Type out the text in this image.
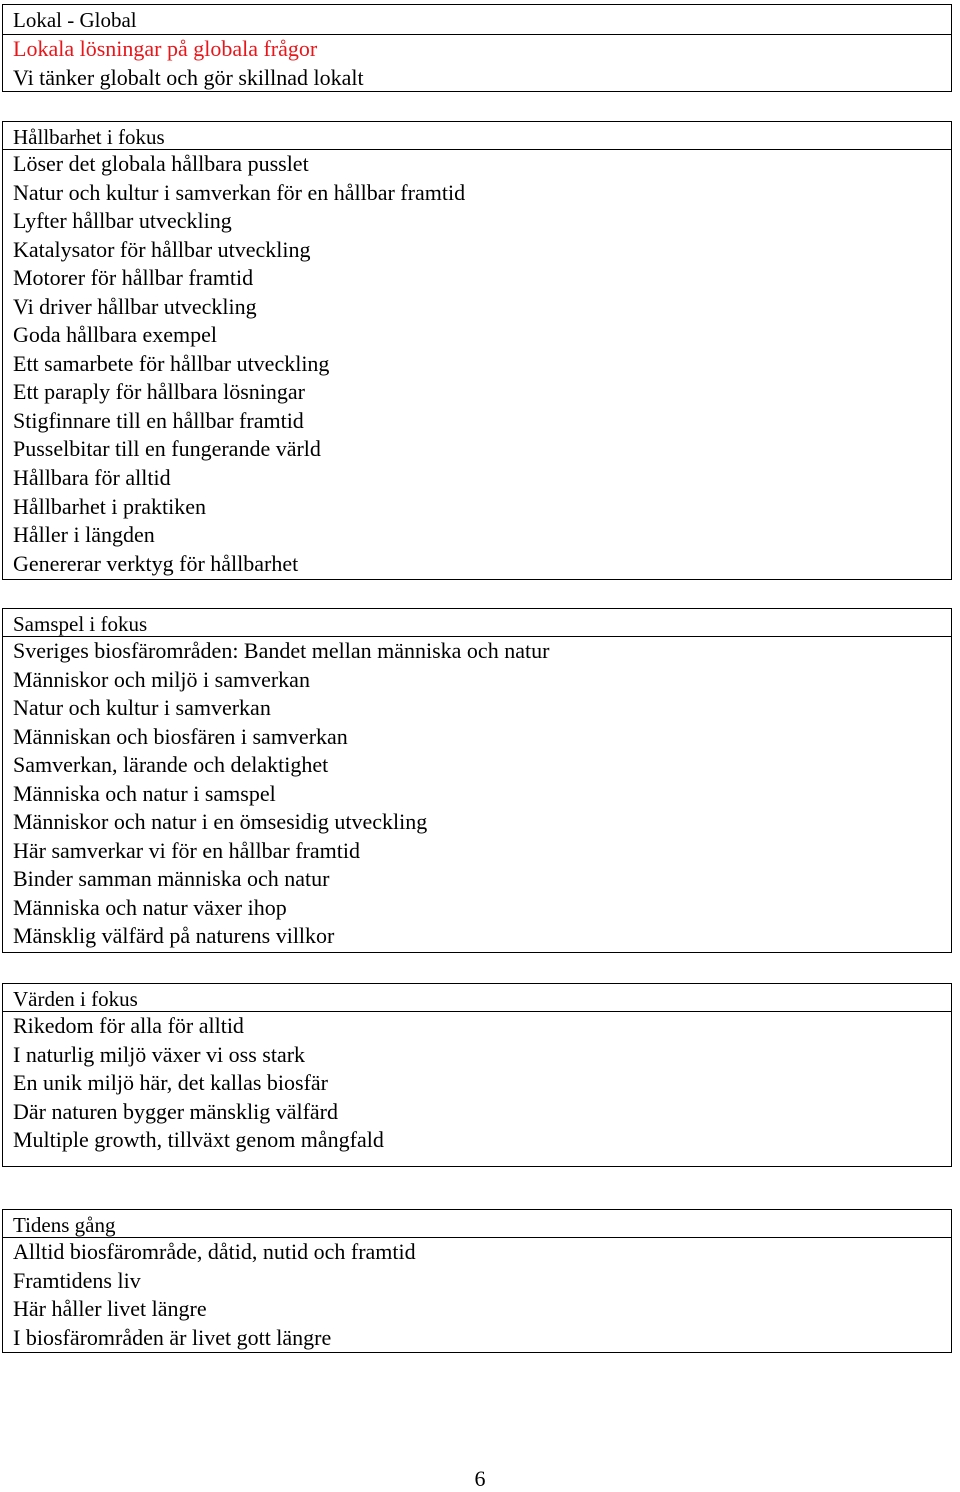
Lokal - Global
Lokala lösningar på globala frågor
Vi tänker globalt och gör skillnad lokalt
Hållbarhet i fokus
Löser det globala hållbara pusslet
Natur och kultur i samverkan för en hållbar framtid
Lyfter hållbar utveckling
Katalysator för hållbar utveckling
Motorer för hållbar framtid
Vi driver hållbar utveckling
Goda hållbara exempel
Ett samarbete för hållbar utveckling
Ett paraply för hållbara lösningar
Stigfinnare till en hållbar framtid
Pusselbitar till en fungerande värld
Hållbara för alltid
Hållbarhet i praktiken
Håller i längden
Genererar verktyg för hållbarhet
Samspel i fokus
Sveriges biosfärområden: Bandet mellan människa och natur
Människor och miljö i samverkan
Natur och kultur i samverkan
Människan och biosfären i samverkan
Samverkan, lärande och delaktighet
Människa och natur i samspel
Människor och natur i en ömsesidig utveckling
Här samverkar vi för en hållbar framtid
Binder samman människa och natur
Människa och natur växer ihop
Mänsklig välfärd på naturens villkor
Värden i fokus
Rikedom för alla för alltid
I naturlig miljö växer vi oss stark
En unik miljö här, det kallas biosfär
Där naturen bygger mänsklig välfärd
Multiple growth, tillväxt genom mångfald
Tidens gång
Alltid biosfärområde, dåtid, nutid och framtid
Framtidens liv
Här håller livet längre
I biosfärområden är livet gott längre
6
